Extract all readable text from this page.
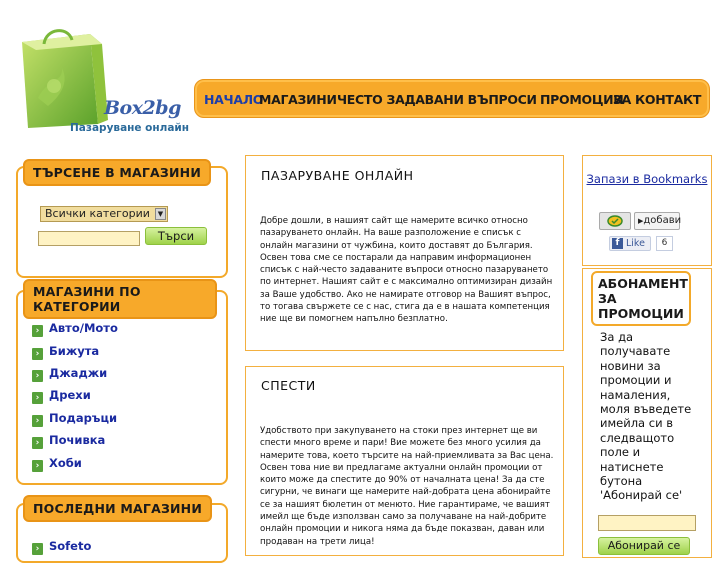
Box2bg
Пазаруване онлайн
НАЧАЛО
МАГАЗИНИ ЧЕСТО ЗАДАВАНИ ВЪПРОСИ ПРОМОЦИИ
ЗА КОНТАКТ
ТЪРСЕНЕ В МАГАЗИНИ
Всички категории	▼
Търси
МАГАЗИНИ ПО КАТЕГОРИИ
› Авто/Мото
› Бижута
› Джаджи
› Дрехи
› Подаръци
› Почивка
› Хоби
ПОСЛЕДНИ МАГАЗИНИ
› Sofeto
ПАЗАРУВАНЕ ОНЛАЙН
Добре дошли, в нашият сайт ще намерите всичко относно пазаруването онлайн. На вашe разположение е списък с онлайн магазини от чужбина, които доставят до България. Освен това сме се постарали да направим информационен списък с най-често задаваните въпроси относно пазаруването по интернет. Нашият сайт е с максимално оптимизиран дизайн за Ваше удобство. Ако не намирате отговор на Вашият въпрос, то тогава свържете се с нас, стига да е в нашата компетенция ние ще ви помогнем напълно безплатно.
СПЕСТИ
Удобството при закупуването на стоки през интернет ще ви спести много време и пари! Вие можете без много усилия да намерите това, което търсите на най-приемливата за Вас цена. Освен това ние ви предлагаме актуални онлайн промоции от които може да спестите до 90% от началната цена! За да сте сигурни, че винаги ще намерите най-добрата цена абонирайте се за нашият бюлетин от менюто. Ние гарантираме, че вашият имейл ще бъде използван само за получаване на най-добрите онлайн промоции и никога няма да бъде показван, даван или продаван на трети лица!
Запази в Bookmarks
▶добави
f Like	6
АБОНАМЕНТ ЗА ПРОМОЦИИ
За да получавате новини за промоции и намаления, моля въведете имейла си в следващото поле и натиснете бутона 'Абонирай се'
Абонирай се
